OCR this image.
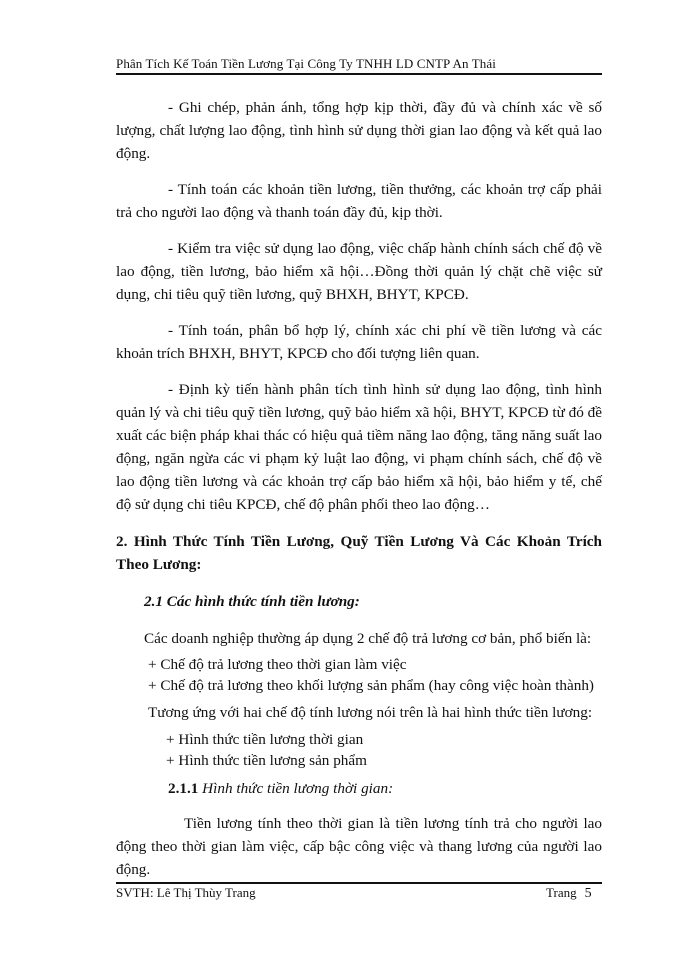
Phân Tích Kế Toán Tiền Lương Tại Công Ty TNHH LD CNTP An Thái

- Ghi chép, phản ánh, tổng hợp kịp thời, đầy đủ và chính xác về số lượng, chất lượng lao động, tình hình sử dụng thời gian lao động và kết quả lao động.

- Tính toán các khoản tiền lương, tiền thưởng, các khoản trợ cấp phải trả cho người lao động và thanh toán đầy đủ, kịp thời.

- Kiểm tra việc sử dụng lao động, việc chấp hành chính sách chế độ về lao động, tiền lương, bảo hiểm xã hội…Đồng thời quản lý chặt chẽ việc sử dụng, chi tiêu quỹ tiền lương, quỹ BHXH, BHYT, KPCĐ.

- Tính toán, phân bổ hợp lý, chính xác chi phí về tiền lương và các khoản trích BHXH, BHYT, KPCĐ cho đối tượng liên quan.

- Định kỳ tiến hành phân tích tình hình sử dụng lao động, tình hình quản lý và chi tiêu quỹ tiền lương, quỹ bảo hiểm xã hội, BHYT, KPCĐ từ đó đề xuất các biện pháp khai thác có hiệu quả tiềm năng lao động, tăng năng suất lao động, ngăn ngừa các vi phạm kỷ luật lao động, vi phạm chính sách, chế độ về lao động tiền lương và các khoản trợ cấp bảo hiểm xã hội, bảo hiểm y tế, chế độ sử dụng chi tiêu KPCĐ, chế độ phân phối theo lao động…

2. Hình Thức Tính Tiền Lương, Quỹ Tiền Lương Và Các Khoản Trích Theo Lương:

2.1 Các hình thức tính tiền lương:

Các doanh nghiệp thường áp dụng 2 chế độ trả lương cơ bản, phổ biến là:

+ Chế độ trả lương theo thời gian làm việc

+ Chế độ trả lương theo khối lượng sản phẩm (hay công việc hoàn thành)

Tương ứng với hai chế độ tính lương nói trên là hai hình thức tiền lương:

+ Hình thức tiền lương thời gian

+ Hình thức tiền lương sản phẩm

2.1.1 Hình thức tiền lương thời gian:

Tiền lương tính theo thời gian là tiền lương tính trả cho người lao động theo thời gian làm việc, cấp bậc công việc và thang lương của người lao động.

SVTH: Lê Thị Thùy Trang	Trang 5
